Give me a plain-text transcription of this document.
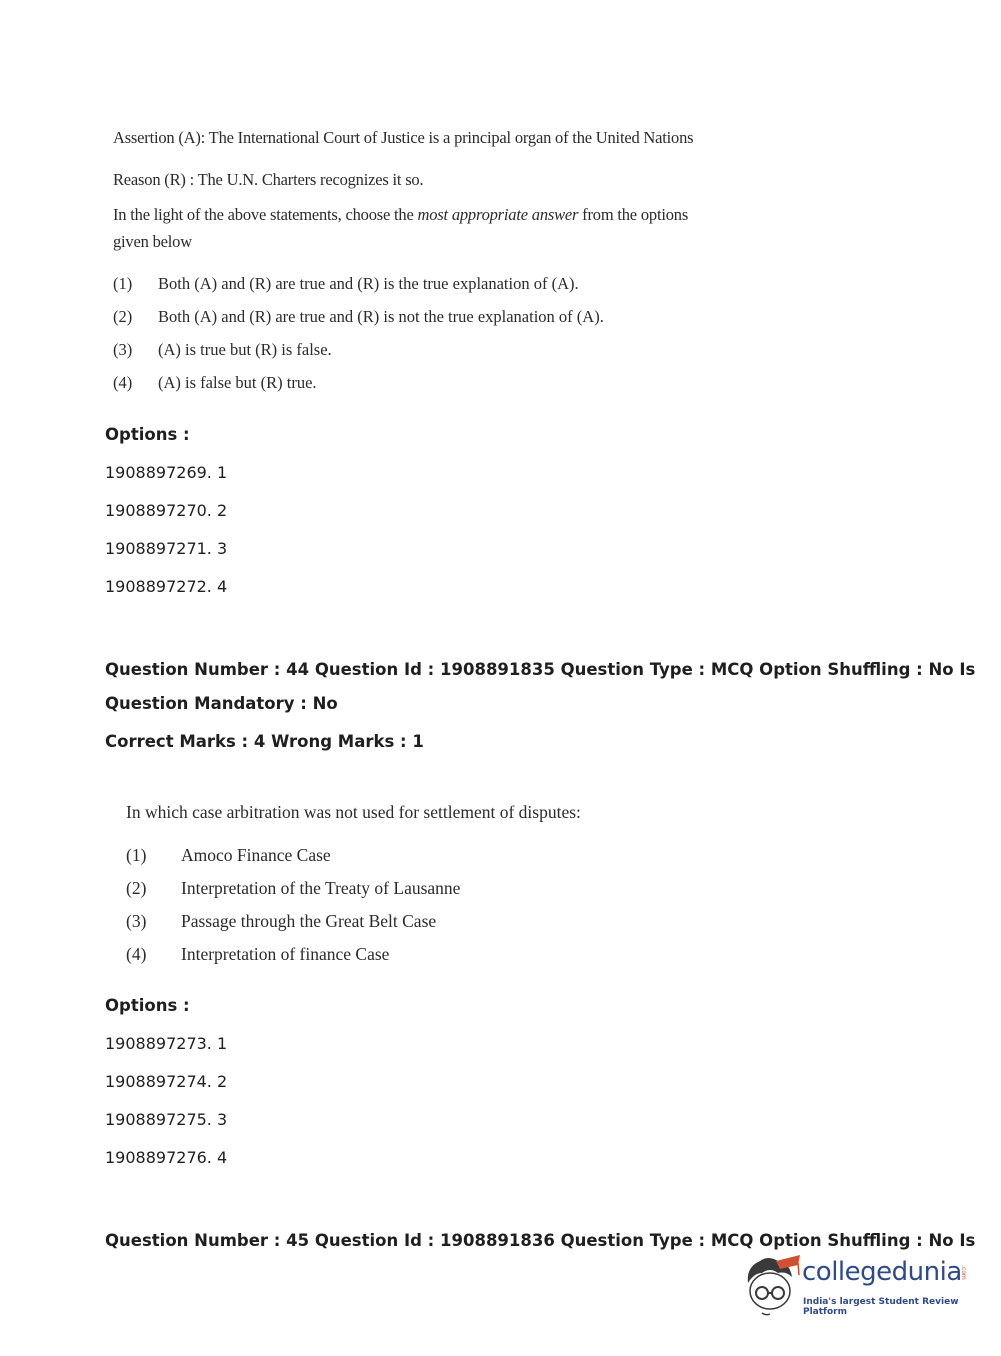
Assertion (A): The International Court of Justice is a principal organ of the United Nations
Reason (R) : The U.N. Charters recognizes it so.
In the light of the above statements, choose the most appropriate answer from the options
given below
(1) Both (A) and (R) are true and (R) is the true explanation of (A).
(2) Both (A) and (R) are true and (R) is not the true explanation of (A).
(3) (A) is true but (R) is false.
(4) (A) is false but (R) true.
Options :
1908897269. 1
1908897270. 2
1908897271. 3
1908897272. 4
Question Number : 44 Question Id : 1908891835 Question Type : MCQ Option Shuffling : No Is
Question Mandatory : No
Correct Marks : 4 Wrong Marks : 1
In which case arbitration was not used for settlement of disputes:
(1) Amoco Finance Case
(2) Interpretation of the Treaty of Lausanne
(3) Passage through the Great Belt Case
(4) Interpretation of finance Case
Options :
1908897273. 1
1908897274. 2
1908897275. 3
1908897276. 4
Question Number : 45 Question Id : 1908891836 Question Type : MCQ Option Shuffling : No Is
collegedunia
.com
India's largest Student Review Platform
